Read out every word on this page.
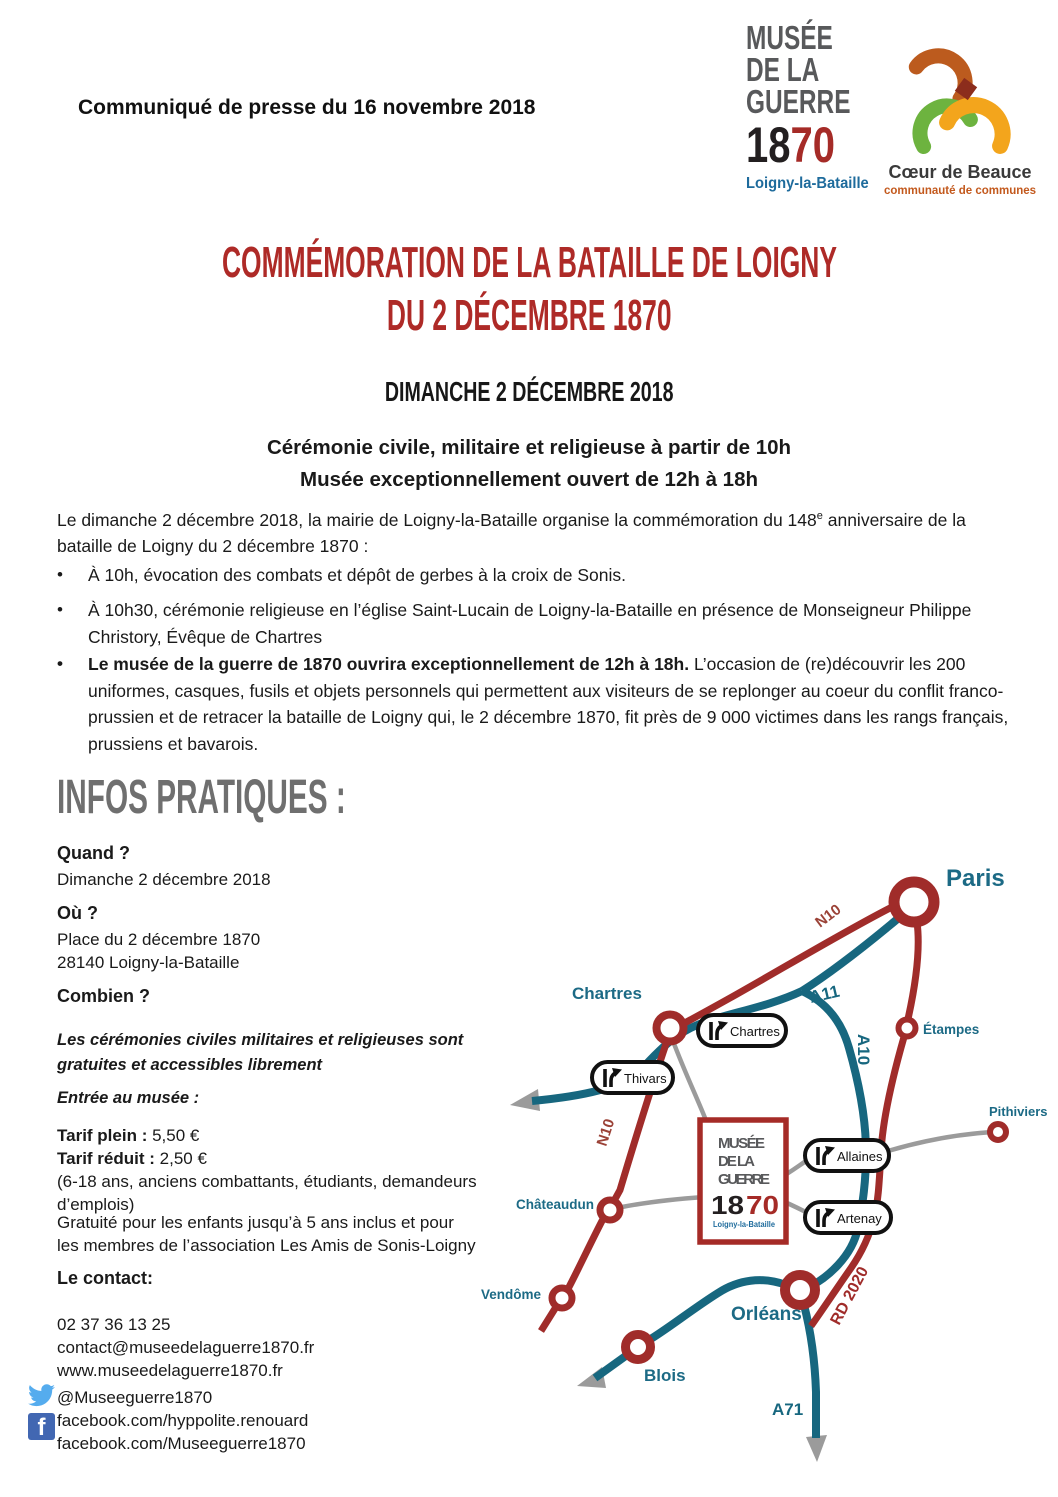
Communiqué de presse du 16 novembre 2018
MUSÉE DE LA GUERRE 1870 Loigny-la-Bataille
Cœur de Beauce
communauté de communes
COMMÉMORATION DE LA BATAILLE DE LOIGNY
DU 2 DÉCEMBRE 1870
DIMANCHE 2 DÉCEMBRE 2018
Cérémonie civile, militaire et religieuse à partir de 10h
Musée exceptionnellement ouvert de 12h à 18h
Le dimanche 2 décembre 2018, la mairie de Loigny-la-Bataille organise la commémoration du 148e anniversaire de la bataille de Loigny du 2 décembre 1870 :
•	À 10h, évocation des combats et dépôt de gerbes à la croix de Sonis.
•	À 10h30, cérémonie religieuse en l’église Saint-Lucain de Loigny-la-Bataille en présence de Monseigneur Philippe Christory, Évêque de Chartres
•	Le musée de la guerre de 1870 ouvrira exceptionnellement de 12h à 18h. L’occasion de (re)découvrir les 200 uniformes, casques, fusils et objets personnels qui permettent aux visiteurs de se replonger au coeur du conflit franco-prussien et de retracer la bataille de Loigny qui, le 2 décembre 1870, fit près de 9 000 victimes dans les rangs français, prussiens et bavarois.
INFOS PRATIQUES :
Quand ?
Dimanche 2 décembre 2018
Où ?
Place du 2 décembre 1870
28140 Loigny-la-Bataille
Combien ?
Les cérémonies civiles militaires et religieuses sont
gratuites et accessibles librement
Entrée au musée :
Tarif plein : 5,50 €
Tarif réduit : 2,50 €
(6-18 ans, anciens combattants, étudiants, demandeurs
d’emplois)
Gratuité pour les enfants jusqu’à 5 ans inclus et pour
les membres de l’association Les Amis de Sonis-Loigny
Le contact:
02 37 36 13 25
contact@museedelaguerre1870.fr
www.museedelaguerre1870.fr
@Museeguerre1870
f facebook.com/hyppolite.renouard
facebook.com/Museeguerre1870
N10
A11
A10
N10
RD 2020
A71
Paris
Chartres
Étampes
Pithiviers
Châteaudun
Vendôme
Orléans
Blois
Chartres
Thivars
Allaines
Artenay
MUSÉE
DE LA
GUERRE
18 70
Loigny-la-Bataille
